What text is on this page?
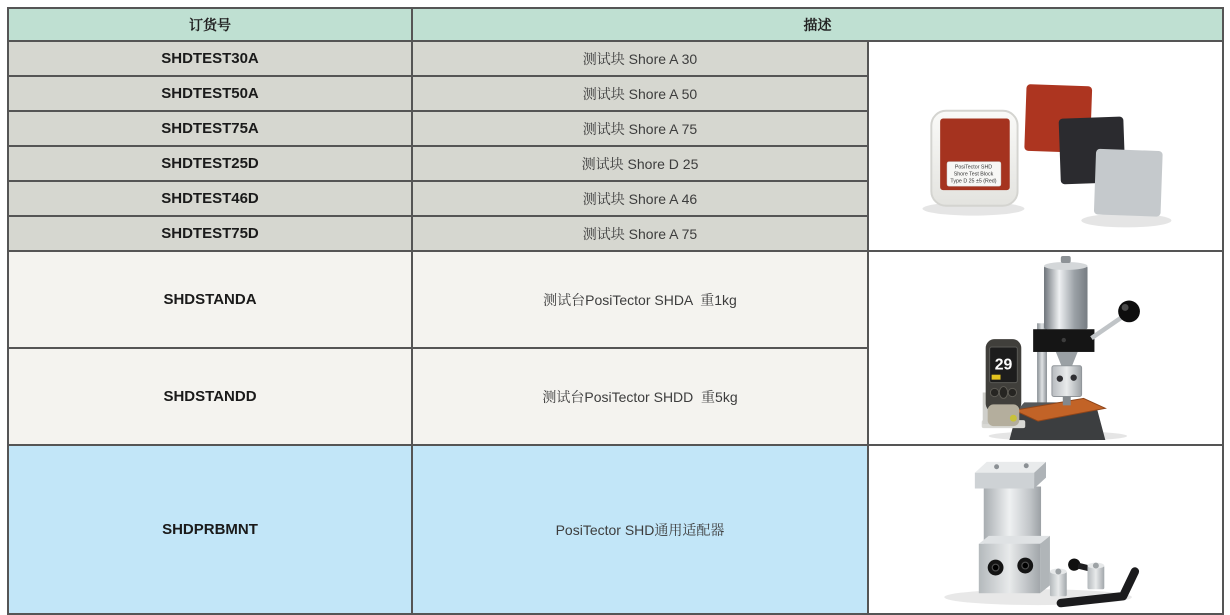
订货号	描述	
SHDTEST30A	测试块 Shore A 30	PosiTector SHD
Shore Test Block
Type D 25 ±5 (Red)

SHDTEST50A	测试块 Shore A 50	
SHDTEST75A	测试块 Shore A 75	
SHDTEST25D	测试块 Shore D 25	
SHDTEST46D	测试块 Shore A 46	
SHDTEST75D	测试块 Shore A 75	
SHDSTANDA	测试台PosiTector SHDA  重1kg	29

SHDSTANDD	测试台PosiTector SHDD  重5kg	
SHDPRBMNT	PosiTector SHD通用适配器	
